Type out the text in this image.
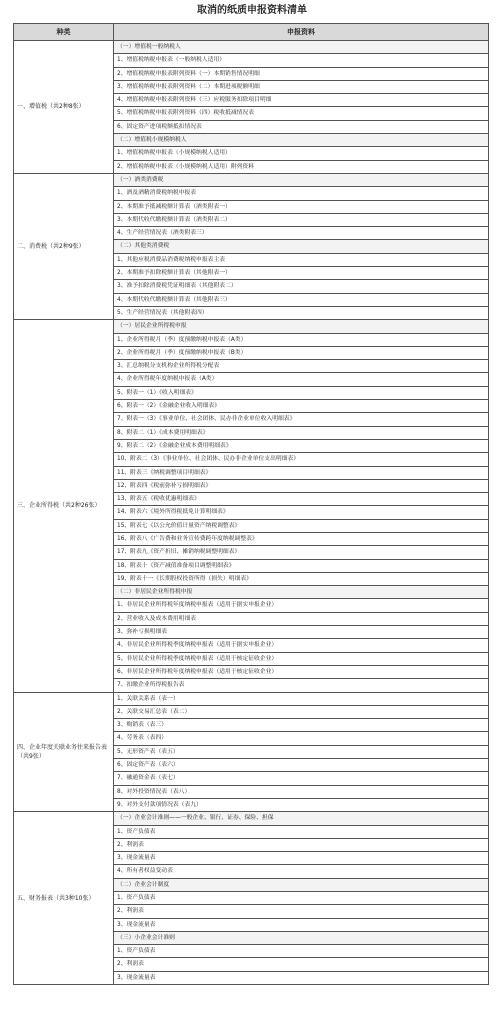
取消的纸质申报资料清单
种类	申报资料
一、增值税（共2种8张）	（一）增值税一般纳税人
	1、增值税纳税申报表（一般纳税人适用）
	2、增值税纳税申报表附列资料（一）本期销售情况明细
	3、增值税纳税申报表附列资料（二）本期进项税额明细
	4、增值税纳税申报表附列资料（三）应税服务扣除项目明细
	5、增值税纳税申报表附列资料（四）税收抵减情况表
	6、固定资产进项税额抵扣情况表
	（二）增值税小规模纳税人
	1、增值税纳税申报表（小规模纳税人适用）
	2、增值税纳税申报表（小规模纳税人适用）附列资料
二、消费税（共2种9张）	（一）酒类消费税
	1、酒及酒精消费税纳税申报表
	2、本期准予抵减税额计算表（酒类附表一）
	3、本期代收代缴税额计算表（酒类附表二）
	4、生产经营情况表（酒类附表三）
	（二）其他类消费税
	1、其他应税消费品消费税纳税申报表主表
	2、本期准予扣除税额计算表（其他附表一）
	3、准予扣除消费税凭证明细表（其他附表二）
	4、本期代收代缴税额计算表（其他附表三）
	5、生产经营情况表（其他附表四）
三、企业所得税（共2种26张）	（一）居民企业所得税申报
	1、企业所得税月（季）度预缴纳税申报表（A类）
	2、企业所得税月（季）度预缴纳税申报表（B类）
	3、汇总纳税分支机构企业所得税分配表
	4、企业所得税年度纳税申报表（A类）
	5、附表一（1）《收入明细表》
	6、附表一（2）《金融企业收入明细表》
	7、附表一（3）《事业单位、社会团体、民办非企业单位收入明细表》
	8、附表二（1）《成本费用明细表》
	9、附表二（2）《金融企业成本费用明细表》
	10、附表二（3）《事业单位、社会团体、民办非企业单位支出明细表》
	11、附表三《纳税调整项目明细表》
	12、附表四《税前弥补亏损明细表》
	13、附表五《税收优惠明细表》
	14、附表六《境外所得税抵免计算明细表》
	15、附表七《以公允价值计量资产纳税调整表》
	16、附表八《广告费和业务宣传费跨年度纳税调整表》
	17、附表九《资产折旧、摊销纳税调整明细表》
	18、附表十《资产减值准备项目调整明细表》
	19、附表十一《长期股权投资所得（损失）明细表》
	（二）非居民企业所得税申报
	1、非居民企业所得税年度纳税申报表（适用于据实申报企业）
	2、营业收入及成本费用明细表
	3、弥补亏损明细表
	4、非居民企业所得税季度纳税申报表（适用于据实申报企业）
	5、非居民企业所得税季度纳税申报表（适用于核定征收企业）
	6、非居民企业所得税年度纳税申报表（适用于核定征收企业）
	7、扣缴企业所得税报告表
四、企业年度关联业务往来报告表（共9张）	1、关联关系表（表一）
	2、关联交易汇总表（表二）
	3、购销表（表三）
	4、劳务表（表四）
	5、无形资产表（表五）
	6、固定资产表（表六）
	7、融通资金表（表七）
	8、对外投资情况表（表八）
	9、对外支付款项情况表（表九）
五、财务报表（共3种10张）	（一）企业会计准则——一般企业、银行、证券、保险、担保
	1、资产负债表
	2、利润表
	3、现金流量表
	4、所有者权益变动表
	（二）企业会计制度
	1、资产负债表
	2、利润表
	3、现金流量表
	（三）小企业会计准则
	1、资产负债表
	2、利润表
	3、现金流量表
